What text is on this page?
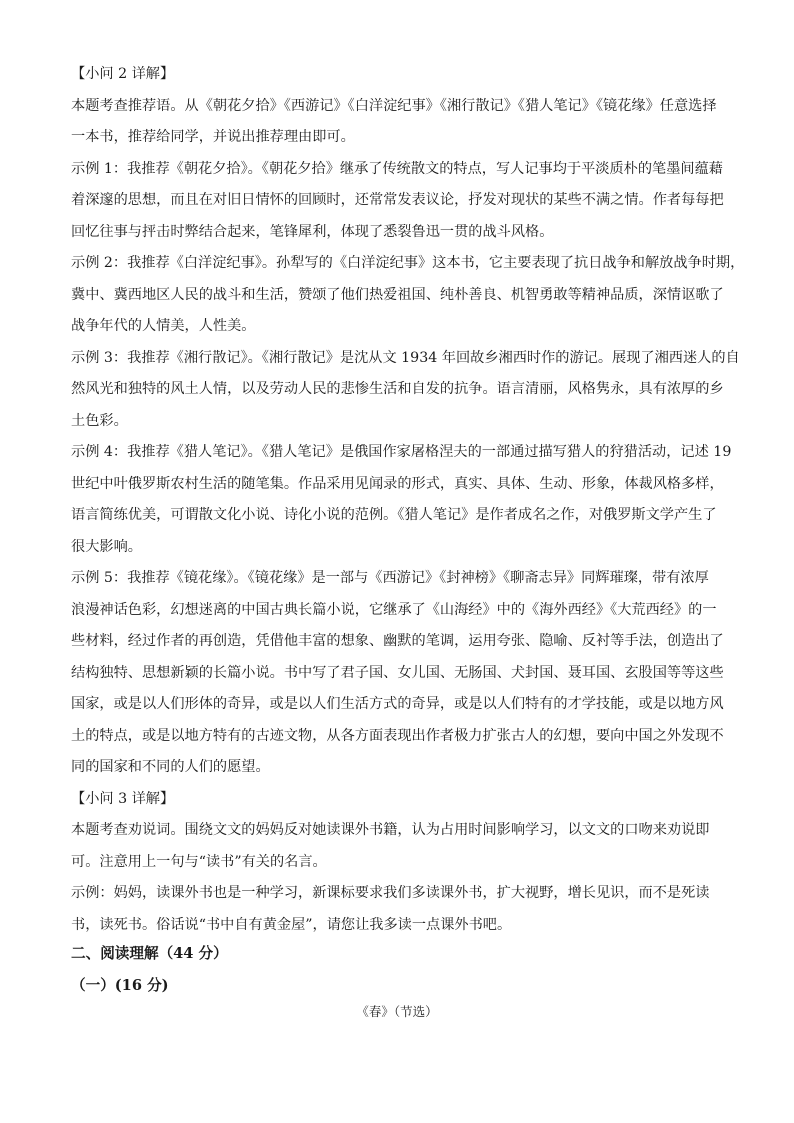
【小问 2 详解】
本题考查推荐语。从《朝花夕拾》《西游记》《白洋淀纪事》《湘行散记》《猎人笔记》《镜花缘》任意选择
一本书，推荐给同学，并说出推荐理由即可。
示例 1：我推荐《朝花夕拾》。《朝花夕拾》继承了传统散文的特点，写人记事均于平淡质朴的笔墨间蕴藉
着深邃的思想，而且在对旧日情怀的回顾时，还常常发表议论，抒发对现状的某些不满之情。作者每每把
回忆往事与抨击时弊结合起来，笔锋犀利，体现了悉裂鲁迅一贯的战斗风格。
示例 2：我推荐《白洋淀纪事》。孙犁写的《白洋淀纪事》这本书，它主要表现了抗日战争和解放战争时期，
冀中、冀西地区人民的战斗和生活，赞颂了他们热爱祖国、纯朴善良、机智勇敢等精神品质，深情讴歌了
战争年代的人情美，人性美。
示例 3：我推荐《湘行散记》。《湘行散记》是沈从文 1934 年回故乡湘西时作的游记。展现了湘西迷人的自
然风光和独特的风土人情，以及劳动人民的悲惨生活和自发的抗争。语言清丽，风格隽永，具有浓厚的乡
土色彩。
示例 4：我推荐《猎人笔记》。《猎人笔记》是俄国作家屠格涅夫的一部通过描写猎人的狩猎活动，记述 19
世纪中叶俄罗斯农村生活的随笔集。作品采用见闻录的形式，真实、具体、生动、形象，体裁风格多样，
语言简练优美，可谓散文化小说、诗化小说的范例。《猎人笔记》是作者成名之作，对俄罗斯文学产生了
很大影响。
示例 5：我推荐《镜花缘》。《镜花缘》是一部与《西游记》《封神榜》《聊斋志异》同辉璀璨，带有浓厚
浪漫神话色彩，幻想迷离的中国古典长篇小说，它继承了《山海经》中的《海外西经》《大荒西经》的一
些材料，经过作者的再创造，凭借他丰富的想象、幽默的笔调，运用夸张、隐喻、反衬等手法，创造出了
结构独特、思想新颖的长篇小说。书中写了君子国、女儿国、无肠国、犬封国、聂耳国、玄股国等等这些
国家，或是以人们形体的奇异，或是以人们生活方式的奇异，或是以人们特有的才学技能，或是以地方风
土的特点，或是以地方特有的古迹文物，从各方面表现出作者极力扩张古人的幻想，要向中国之外发现不
同的国家和不同的人们的愿望。
【小问 3 详解】
本题考查劝说词。围绕文文的妈妈反对她读课外书籍，认为占用时间影响学习，以文文的口吻来劝说即
可。注意用上一句与“读书”有关的名言。
示例：妈妈，读课外书也是一种学习，新课标要求我们多读课外书，扩大视野，增长见识，而不是死读
书，读死书。俗话说“书中自有黄金屋”，请您让我多读一点课外书吧。
二、阅读理解（44 分）
（一）(16 分)
《春》（节选）
